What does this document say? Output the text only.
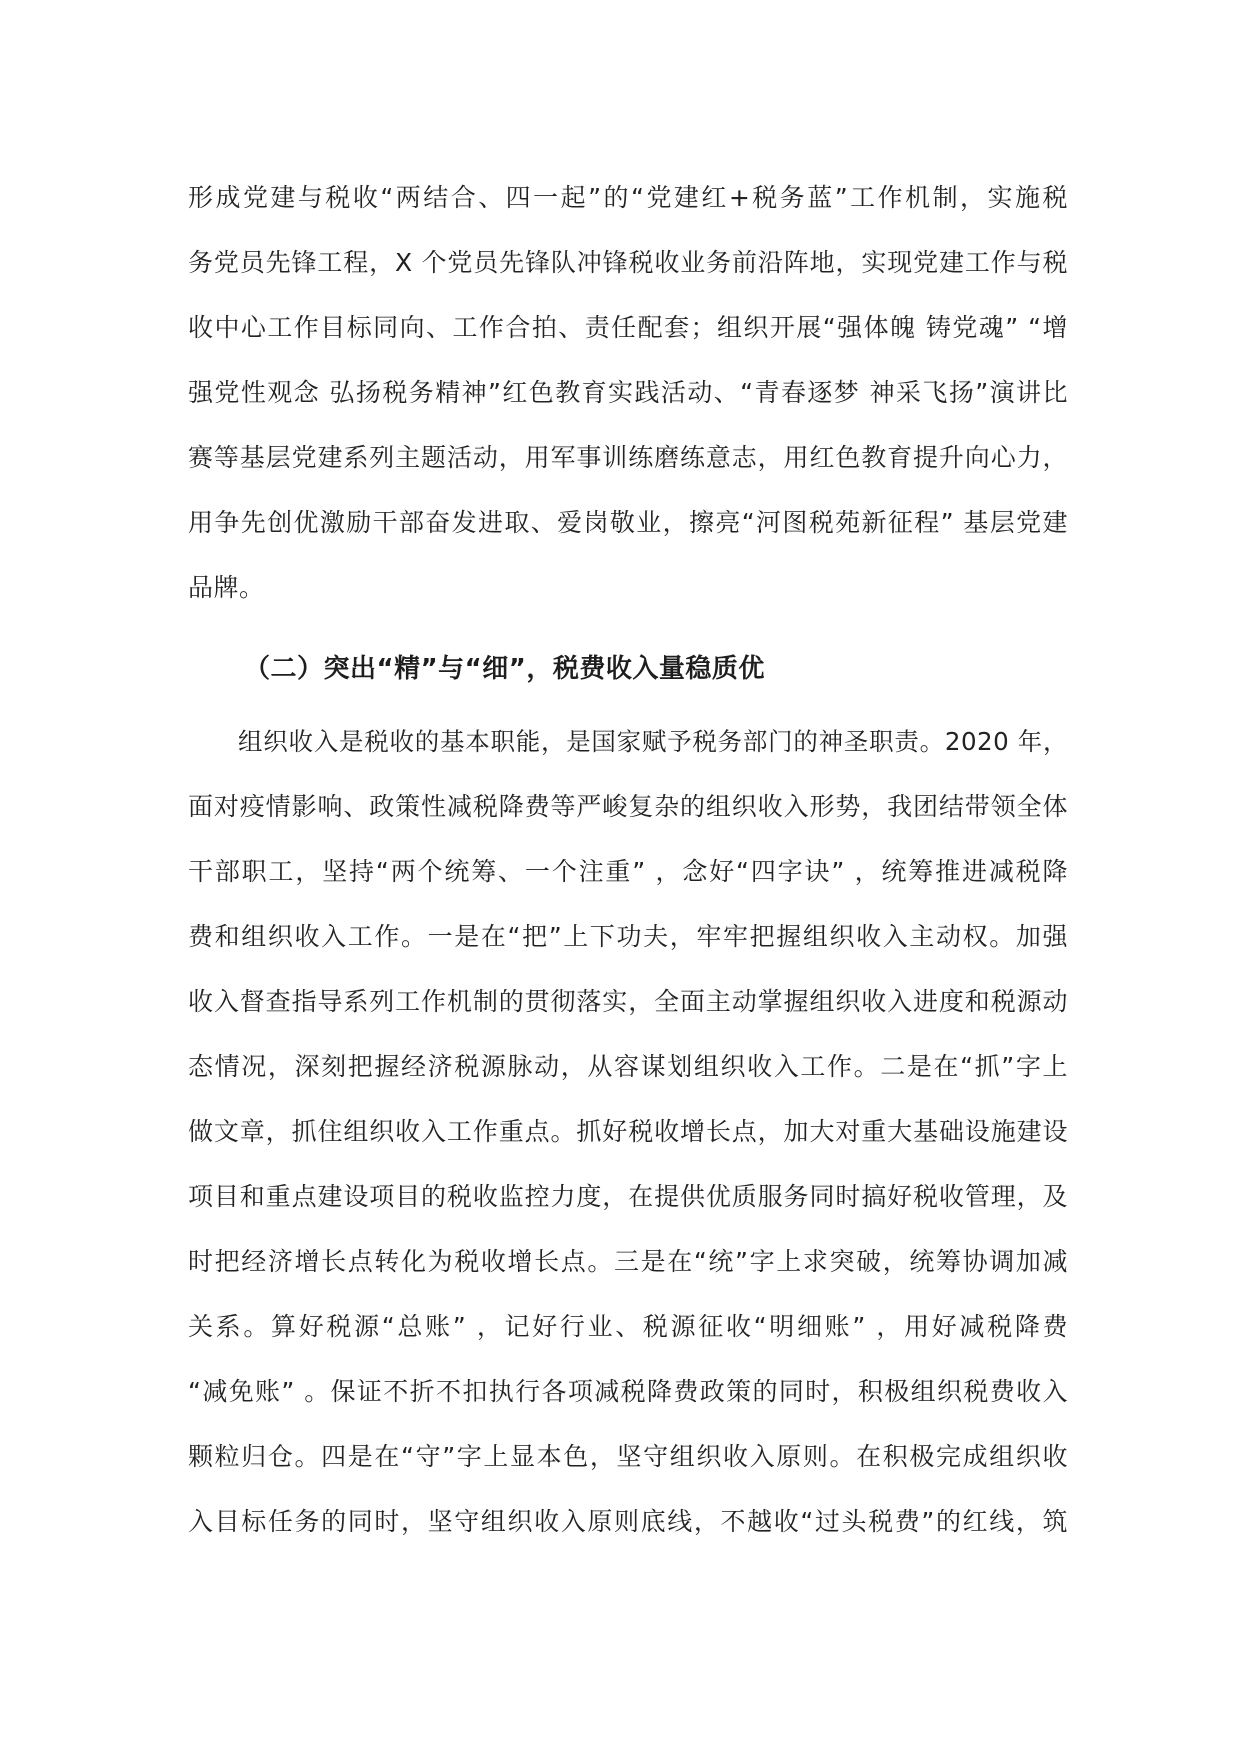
形成党建与税收“两结合、四一起”的“党建红+税务蓝”工作机制，实施税
务党员先锋工程，X 个党员先锋队冲锋税收业务前沿阵地，实现党建工作与税
收中心工作目标同向、工作合拍、责任配套；组织开展“强体魄 铸党魂” “增
强党性观念 弘扬税务精神”红色教育实践活动、“青春逐梦 神采飞扬”演讲比
赛等基层党建系列主题活动，用军事训练磨练意志，用红色教育提升向心力，
用争先创优激励干部奋发进取、爱岗敬业，擦亮“河图税苑新征程” 基层党建
品牌。
（二）突出“精”与“细”，税费收入量稳质优
组织收入是税收的基本职能，是国家赋予税务部门的神圣职责。2020 年，
面对疫情影响、政策性减税降费等严峻复杂的组织收入形势，我团结带领全体
干部职工，坚持“两个统筹、一个注重” ，念好“四字诀” ，统筹推进减税降
费和组织收入工作。一是在“把”上下功夫，牢牢把握组织收入主动权。加强
收入督查指导系列工作机制的贯彻落实，全面主动掌握组织收入进度和税源动
态情况，深刻把握经济税源脉动，从容谋划组织收入工作。二是在“抓”字上
做文章，抓住组织收入工作重点。抓好税收增长点，加大对重大基础设施建设
项目和重点建设项目的税收监控力度，在提供优质服务同时搞好税收管理，及
时把经济增长点转化为税收增长点。三是在“统”字上求突破，统筹协调加减
关系。算好税源“总账” ，记好行业、税源征收“明细账” ，用好减税降费
“减免账” 。保证不折不扣执行各项减税降费政策的同时，积极组织税费收入
颗粒归仓。四是在“守”字上显本色，坚守组织收入原则。在积极完成组织收
入目标任务的同时，坚守组织收入原则底线，不越收“过头税费”的红线，筑
